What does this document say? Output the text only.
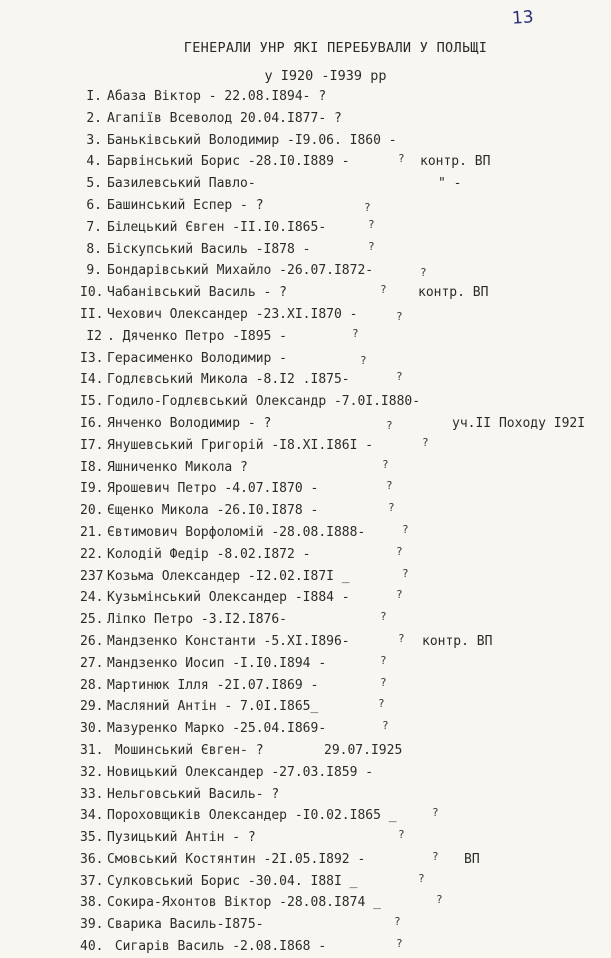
13
ГЕНЕРАЛИ УНР ЯКІ ПЕРЕБУВАЛИ У ПОЛЬЩІ
у I920 -I939 рр
I. Абаза Віктор - 22.08.I894- ?
2. Агапіїв Всеволод 20.04.I877- ?
3. Баньківський Володимир -I9.06. I860 -
4. Барвінський Борис -28.I0.I889 -	? контр. ВП
5. Базилевський Павло-	" -
6. Башинський Еспер - ?	?
7. Білецький Євген -II.I0.I865-	?
8. Біскупський Василь -I878 -	?
9. Бондарівський Михайло -26.07.I872-	?
I0. Чабанівський Василь - ?	? контр. ВП
II. Чехович Олександер -23.XI.I870 -	?
I2 . Дяченко Петро -I895 -	?
I3. Герасименко Володимир -	?
I4. Годлєвський Микола -8.I2 .I875-	?
I5. Годило-Годлєвський Олександр -7.0I.I880-
I6. Янченко Володимир - ?	?	уч.II Походу I92I
I7. Янушевський Григорій -I8.XI.I86I -	?
I8. Яшниченко Микола ?	?
I9. Ярошевич Петро -4.07.I870 -	?
20. Єщенко Микола -26.I0.I878 -	?
21. Євтимович Ворфоломій -28.08.I888-	?
22. Колодій Федір -8.02.I872 -	?
237 Козьма Олександер -I2.02.I87I _	?
24. Кузьмінський Олександер -I884 -	?
25. Ліпко Петро -3.I2.I876-	?
26. Мандзенко Константи -5.XI.I896-	? контр. ВП
27. Мандзенко Иосип -I.I0.I894 -	?
28. Мартинюк Ілля -2I.07.I869 -	?
29. Масляний Антін - 7.0I.I865_	?
30. Мазуренко Марко -25.04.I869-	?
31. Мошинський Євген- ?	29.07.I925
32. Новицький Олександер -27.03.I859 -
33. Нельговський Василь- ?
34. Пороховщиків Олександер -I0.02.I865 _	?
35. Пузицький Антін - ?	?
36. Смовський Костянтин -2I.05.I892 -	? ВП
37. Сулковський Борис -30.04. I88I _	?
38. Сокира-Яхонтов Віктор -28.08.I874 _	?
39. Сварика Василь-I875-	?
40. Сигарів Василь -2.08.I868 -	?
